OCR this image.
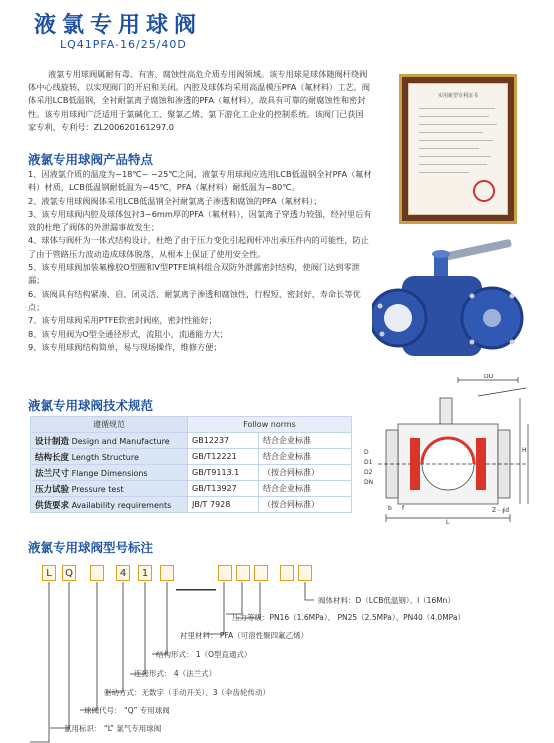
液氯专用球阀
LQ41PFA-16/25/40D
液氯专用球阀属耐有毒、有害、腐蚀性高危介质专用阀领域。该专用球是球体随阀杆绕阀体中心线旋转，以实现阀门的开启和关闭。内腔及球体均采用高温模压PFA（氟材料）工艺，阀体采用LCB低温钢，全衬耐氯离子腐蚀和渗透的PFA（氟材料），故具有可靠的耐腐蚀性和密封性。该专用球阀广泛适用于氯碱化工、聚氯乙烯、氯下游化工企业的控制系统。该阀门已获国家专利，专利号：ZL200620161297.0
实用新型专利证书
液氯专用球阀产品特点
1、因液氯介质的温度为−18℃~ −25℃之间，液氯专用球阀应选用LCB低温钢全衬PFA（氟材料）材质，LCB低温钢耐低温为−45℃，PFA（氟材料）耐低温为−80℃。
2、液氯专用球阀阀体采用LCB低温钢全衬耐氯离子渗透和腐蚀的PFA（氟材料）；
3、该专用球阀内腔及球体包衬3~6mm厚的PFA（氟材料），因氯离子穿透力较强，经衬里后有效的杜绝了阀体的外泄漏事故发生；
4、球体与阀杆为一体式结构设计，杜绝了由于压力变化引起阀杆冲出承压件内的可能性，防止了由于管路压力波动造成球体脱落，从根本上保证了使用安全性。
5、该专用球阀加装氟橡胶O型圈和V型PTFE填料组合双防外泄露密封结构，使阀门达到零泄漏；
6、该阀具有结构紧凑、启、闭灵活、耐氯离子渗透和腐蚀性，行程短、密封好、寿命长等优点；
7、该专用球阀采用PTFE软密封阀座，密封性能好；
8、该专用阀为O型全通径形式，流阻小，流通能力大；
9、该专用球阀结构简单，易与现场操作，维修方便；
液氯专用球阀技术规范
遵循规范	Follow norms	
设计制造 Design and Manufacture	GB12237	结合企业标准
结构长度 Length Structure	GB/T12221	结合企业标准
法兰尺寸 Flange Dimensions	GB/T9113.1	（按合同标准）
压力试验 Pressure test	GB/T13927	结合企业标准
供货要求 Availability requirements	JB/T 7928	（按合同标准）
DO
H
D
D1
D2
DN
L
Z - ∮d
b f
液氯专用球阀型号标注
L	Q	4	1
阀体材料：D（LCB低温钢）、l（16Mn）
压力等级：PN16（1.6MPa）、 PN25（2.5MPa）、PN40（4.0MPa）
衬里材料： PFA（可溶性聚四氟乙烯）
结构形式： 1（O型直通式）
连接形式： 4（法兰式）
驱动方式：无数字（手动开关）、3（伞齿轮传动）
球阀代号： “Q” 专用球阀
氯用标识： “L” 氯气专用球阀
